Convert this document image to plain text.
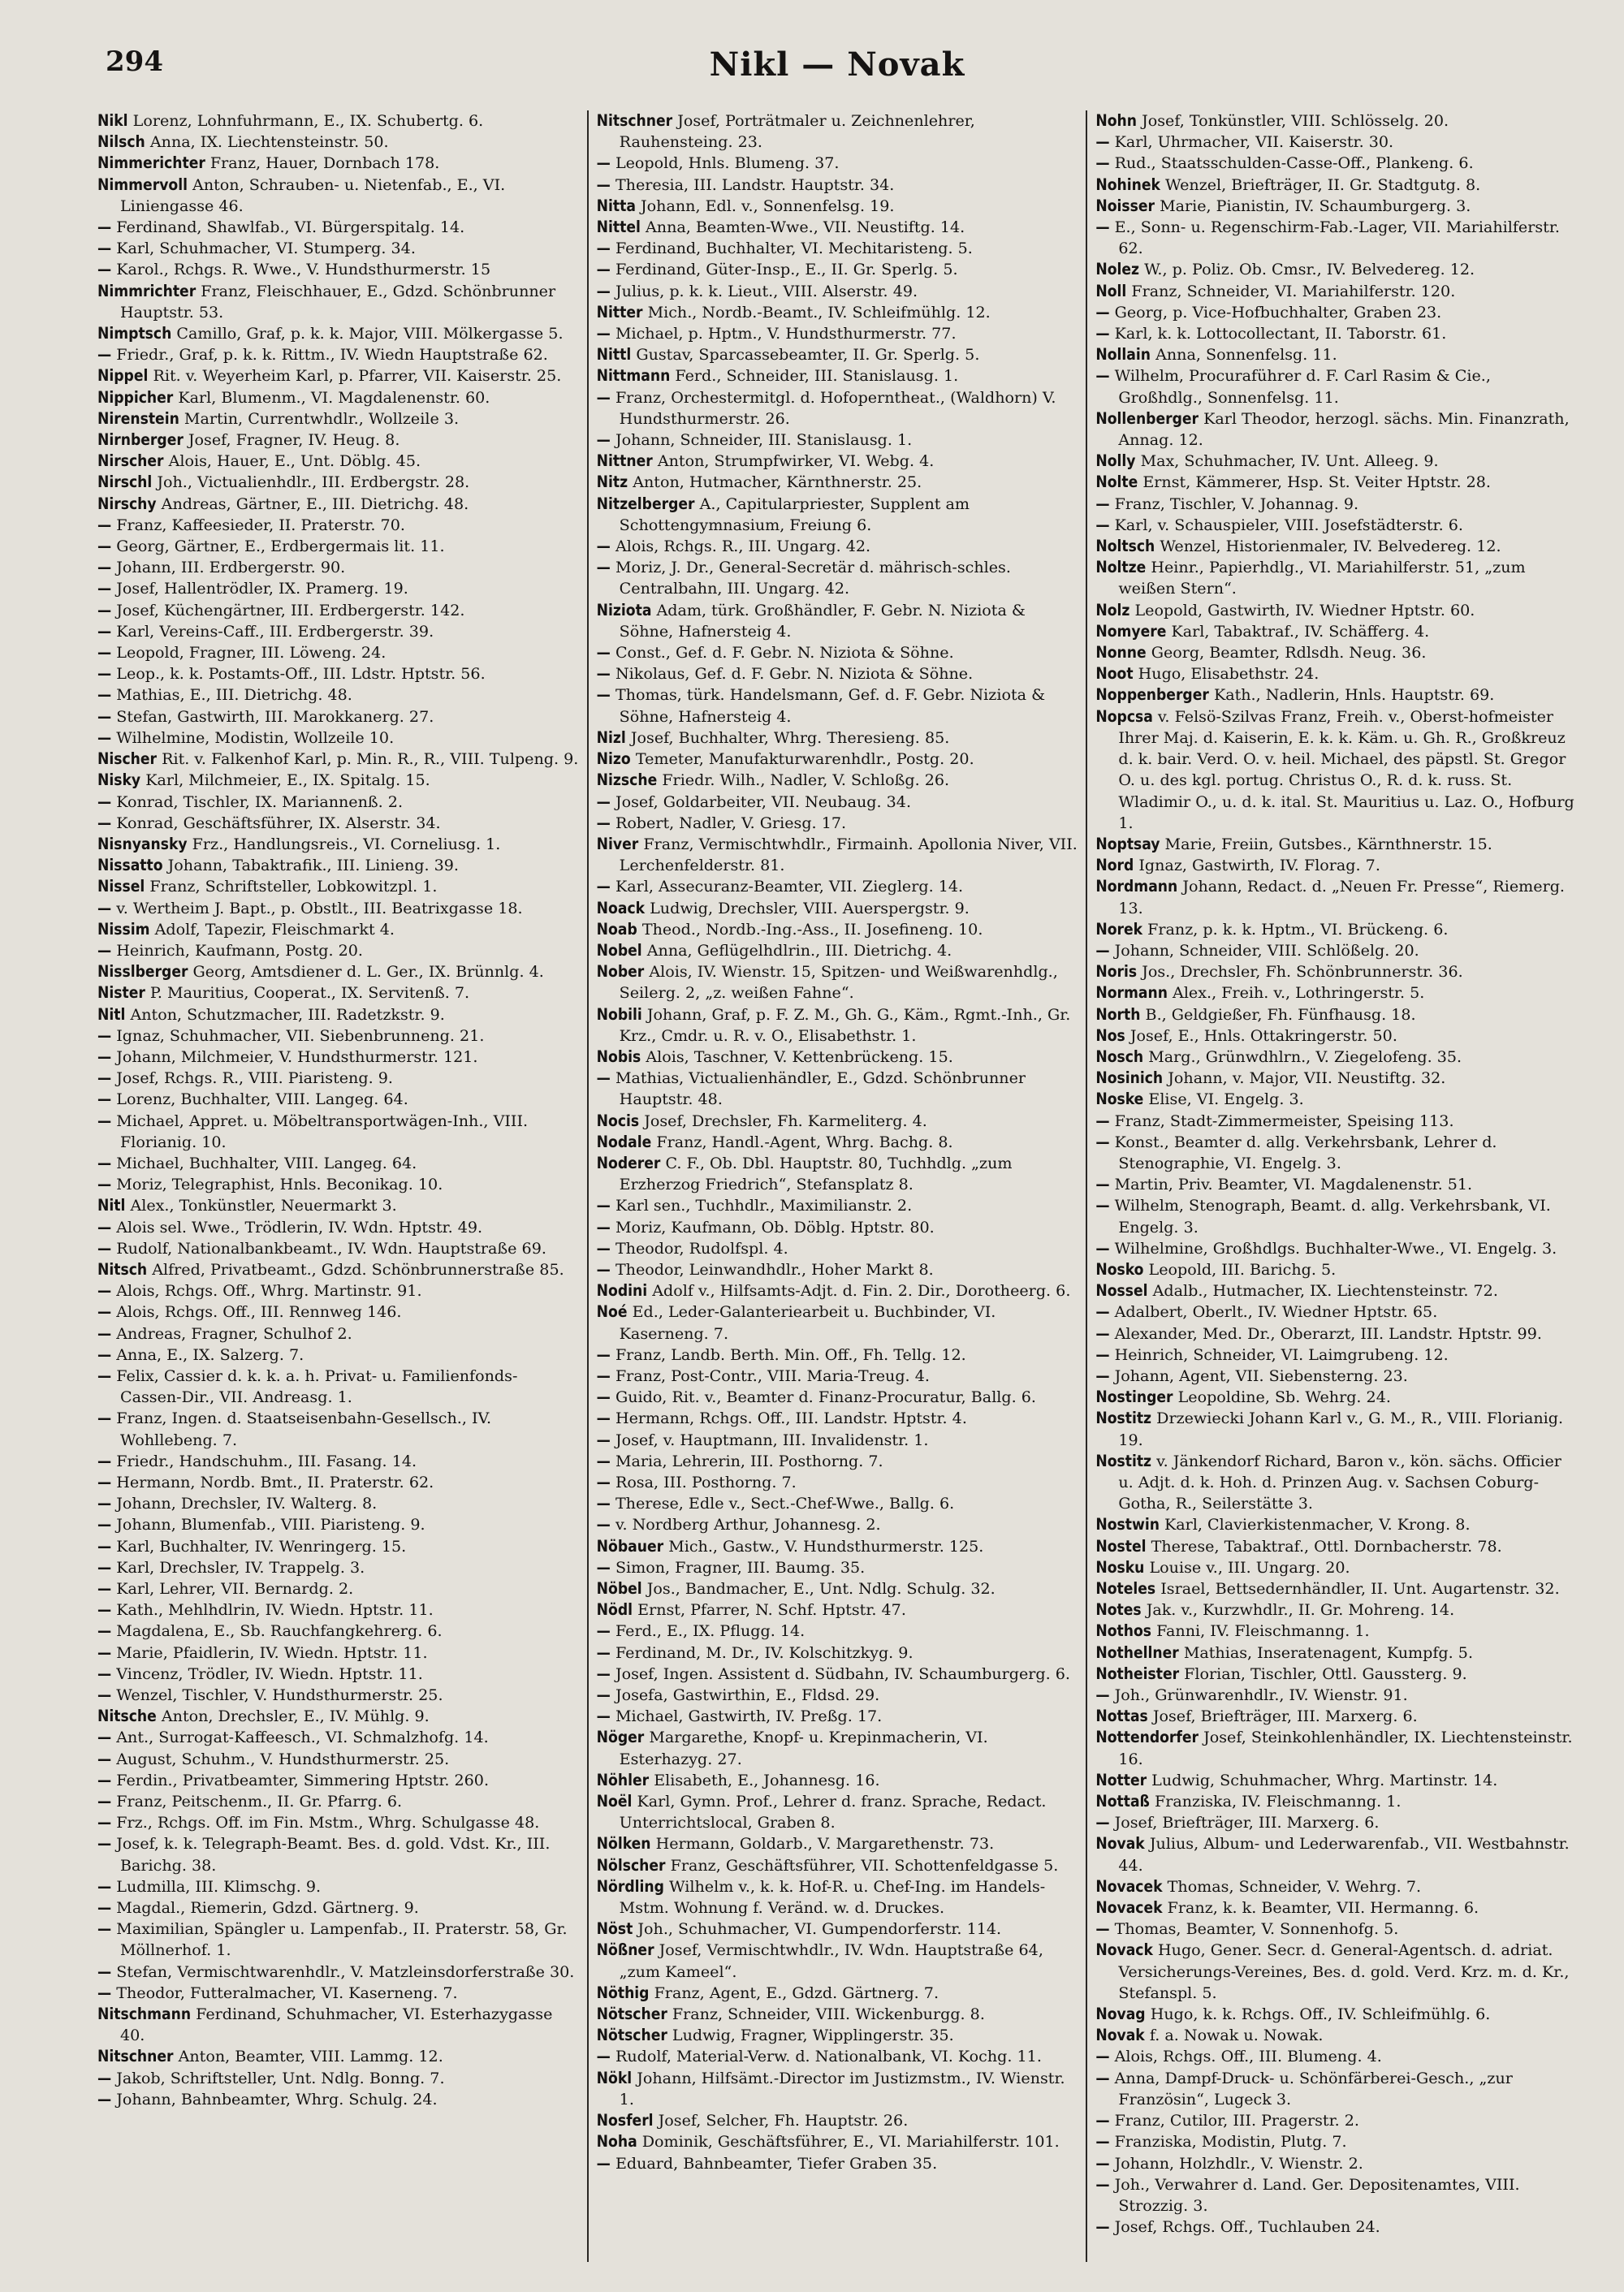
294	Nikl — Novak

Nikl Lorenz, Lohnfuhrmann, E., IX. Schubertg. 6.

Nilsch Anna, IX. Liechtensteinstr. 50.

Nimmerichter Franz, Hauer, Dornbach 178.

Nimmervoll Anton, Schrauben- u. Nietenfab., E., VI. Liniengasse 46.

— Ferdinand, Shawlfab., VI. Bürgerspitalg. 14.

— Karl, Schuhmacher, VI. Stumperg. 34.

— Karol., Rchgs. R. Wwe., V. Hundsthurmerstr. 15

Nimmrichter Franz, Fleischhauer, E., Gdzd. Schönbrunner Hauptstr. 53.

Nimptsch Camillo, Graf, p. k. k. Major, VIII. Mölkergasse 5.

— Friedr., Graf, p. k. k. Rittm., IV. Wiedn Hauptstraße 62.

Nippel Rit. v. Weyerheim Karl, p. Pfarrer, VII. Kaiserstr. 25.

Nippicher Karl, Blumenm., VI. Magdalenenstr. 60.

Nirenstein Martin, Currentwhdlr., Wollzeile 3.

Nirnberger Josef, Fragner, IV. Heug. 8.

Nirscher Alois, Hauer, E., Unt. Döblg. 45.

Nirschl Joh., Victualienhdlr., III. Erdbergstr. 28.

Nirschy Andreas, Gärtner, E., III. Dietrichg. 48.

— Franz, Kaffeesieder, II. Praterstr. 70.

— Georg, Gärtner, E., Erdbergermais lit. 11.

— Johann, III. Erdbergerstr. 90.

— Josef, Hallentrödler, IX. Pramerg. 19.

— Josef, Küchengärtner, III. Erdbergerstr. 142.

— Karl, Vereins-Caff., III. Erdbergerstr. 39.

— Leopold, Fragner, III. Löweng. 24.

— Leop., k. k. Postamts-Off., III. Ldstr. Hptstr. 56.

— Mathias, E., III. Dietrichg. 48.

— Stefan, Gastwirth, III. Marokkanerg. 27.

— Wilhelmine, Modistin, Wollzeile 10.

Nischer Rit. v. Falkenhof Karl, p. Min. R., R., VIII. Tulpeng. 9.

Nisky Karl, Milchmeier, E., IX. Spitalg. 15.

— Konrad, Tischler, IX. Mariannenß. 2.

— Konrad, Geschäftsführer, IX. Alserstr. 34.

Nisnyansky Frz., Handlungsreis., VI. Corneliusg. 1.

Nissatto Johann, Tabaktrafik., III. Linieng. 39.

Nissel Franz, Schriftsteller, Lobkowitzpl. 1.

— v. Wertheim J. Bapt., p. Obstlt., III. Beatrixgasse 18.

Nissim Adolf, Tapezir, Fleischmarkt 4.

— Heinrich, Kaufmann, Postg. 20.

Nisslberger Georg, Amtsdiener d. L. Ger., IX. Brünnlg. 4.

Nister P. Mauritius, Cooperat., IX. Servitenß. 7.

Nitl Anton, Schutzmacher, III. Radetzkstr. 9.

— Ignaz, Schuhmacher, VII. Siebenbrunneng. 21.

— Johann, Milchmeier, V. Hundsthurmerstr. 121.

— Josef, Rchgs. R., VIII. Piaristeng. 9.

— Lorenz, Buchhalter, VIII. Langeg. 64.

— Michael, Appret. u. Möbeltransportwägen-Inh., VIII. Florianig. 10.

— Michael, Buchhalter, VIII. Langeg. 64.

— Moriz, Telegraphist, Hnls. Beconikag. 10.

Nitl Alex., Tonkünstler, Neuermarkt 3.

— Alois sel. Wwe., Trödlerin, IV. Wdn. Hptstr. 49.

— Rudolf, Nationalbankbeamt., IV. Wdn. Hauptstraße 69.

Nitsch Alfred, Privatbeamt., Gdzd. Schönbrunnerstraße 85.

— Alois, Rchgs. Off., Whrg. Martinstr. 91.

— Alois, Rchgs. Off., III. Rennweg 146.

— Andreas, Fragner, Schulhof 2.

— Anna, E., IX. Salzerg. 7.

— Felix, Cassier d. k. k. a. h. Privat- u. Familienfonds-Cassen-Dir., VII. Andreasg. 1.

— Franz, Ingen. d. Staatseisenbahn-Gesellsch., IV. Wohllebeng. 7.

— Friedr., Handschuhm., III. Fasang. 14.

— Hermann, Nordb. Bmt., II. Praterstr. 62.

— Johann, Drechsler, IV. Walterg. 8.

— Johann, Blumenfab., VIII. Piaristeng. 9.

— Karl, Buchhalter, IV. Wenringerg. 15.

— Karl, Drechsler, IV. Trappelg. 3.

— Karl, Lehrer, VII. Bernardg. 2.

— Kath., Mehlhdlrin, IV. Wiedn. Hptstr. 11.

— Magdalena, E., Sb. Rauchfangkehrerg. 6.

— Marie, Pfaidlerin, IV. Wiedn. Hptstr. 11.

— Vincenz, Trödler, IV. Wiedn. Hptstr. 11.

— Wenzel, Tischler, V. Hundsthurmerstr. 25.

Nitsche Anton, Drechsler, E., IV. Mühlg. 9.

— Ant., Surrogat-Kaffeesch., VI. Schmalzhofg. 14.

— August, Schuhm., V. Hundsthurmerstr. 25.

— Ferdin., Privatbeamter, Simmering Hptstr. 260.

— Franz, Peitschenm., II. Gr. Pfarrg. 6.

— Frz., Rchgs. Off. im Fin. Mstm., Whrg. Schulgasse 48.

— Josef, k. k. Telegraph-Beamt. Bes. d. gold. Vdst. Kr., III. Barichg. 38.

— Ludmilla, III. Klimschg. 9.

— Magdal., Riemerin, Gdzd. Gärtnerg. 9.

— Maximilian, Spängler u. Lampenfab., II. Praterstr. 58, Gr. Möllnerhof. 1.

— Stefan, Vermischtwarenhdlr., V. Matzleinsdorferstraße 30.

— Theodor, Futteralmacher, VI. Kaserneng. 7.

Nitschmann Ferdinand, Schuhmacher, VI. Esterhazygasse 40.

Nitschner Anton, Beamter, VIII. Lammg. 12.

— Jakob, Schriftsteller, Unt. Ndlg. Bonng. 7.

— Johann, Bahnbeamter, Whrg. Schulg. 24.

Nitschner Josef, Porträtmaler u. Zeichnenlehrer, Rauhensteing. 23.

— Leopold, Hnls. Blumeng. 37.

— Theresia, III. Landstr. Hauptstr. 34.

Nitta Johann, Edl. v., Sonnenfelsg. 19.

Nittel Anna, Beamten-Wwe., VII. Neustiftg. 14.

— Ferdinand, Buchhalter, VI. Mechitaristeng. 5.

— Ferdinand, Güter-Insp., E., II. Gr. Sperlg. 5.

— Julius, p. k. k. Lieut., VIII. Alserstr. 49.

Nitter Mich., Nordb.-Beamt., IV. Schleifmühlg. 12.

— Michael, p. Hptm., V. Hundsthurmerstr. 77.

Nittl Gustav, Sparcassebeamter, II. Gr. Sperlg. 5.

Nittmann Ferd., Schneider, III. Stanislausg. 1.

— Franz, Orchestermitgl. d. Hofoperntheat., (Waldhorn) V. Hundsthurmerstr. 26.

— Johann, Schneider, III. Stanislausg. 1.

Nittner Anton, Strumpfwirker, VI. Webg. 4.

Nitz Anton, Hutmacher, Kärnthnerstr. 25.

Nitzelberger A., Capitularpriester, Supplent am Schottengymnasium, Freiung 6.

— Alois, Rchgs. R., III. Ungarg. 42.

— Moriz, J. Dr., General-Secretär d. mährisch-schles. Centralbahn, III. Ungarg. 42.

Niziota Adam, türk. Großhändler, F. Gebr. N. Niziota & Söhne, Hafnersteig 4.

— Const., Gef. d. F. Gebr. N. Niziota & Söhne.

— Nikolaus, Gef. d. F. Gebr. N. Niziota & Söhne.

— Thomas, türk. Handelsmann, Gef. d. F. Gebr. Niziota & Söhne, Hafnersteig 4.

Nizl Josef, Buchhalter, Whrg. Theresieng. 85.

Nizo Temeter, Manufakturwarenhdlr., Postg. 20.

Nizsche Friedr. Wilh., Nadler, V. Schloßg. 26.

— Josef, Goldarbeiter, VII. Neubaug. 34.

— Robert, Nadler, V. Griesg. 17.

Niver Franz, Vermischtwhdlr., Firmainh. Apollonia Niver, VII. Lerchenfelderstr. 81.

— Karl, Assecuranz-Beamter, VII. Zieglerg. 14.

Noack Ludwig, Drechsler, VIII. Auerspergstr. 9.

Noab Theod., Nordb.-Ing.-Ass., II. Josefineng. 10.

Nobel Anna, Geflügelhdlrin., III. Dietrichg. 4.

Nober Alois, IV. Wienstr. 15, Spitzen- und Weißwarenhdlg., Seilerg. 2, „z. weißen Fahne“.

Nobili Johann, Graf, p. F. Z. M., Gh. G., Käm., Rgmt.-Inh., Gr. Krz., Cmdr. u. R. v. O., Elisabethstr. 1.

Nobis Alois, Taschner, V. Kettenbrückeng. 15.

— Mathias, Victualienhändler, E., Gdzd. Schönbrunner Hauptstr. 48.

Nocis Josef, Drechsler, Fh. Karmeliterg. 4.

Nodale Franz, Handl.-Agent, Whrg. Bachg. 8.

Noderer C. F., Ob. Dbl. Hauptstr. 80, Tuchhdlg. „zum Erzherzog Friedrich“, Stefansplatz 8.

— Karl sen., Tuchhdlr., Maximilianstr. 2.

— Moriz, Kaufmann, Ob. Döblg. Hptstr. 80.

— Theodor, Rudolfspl. 4.

— Theodor, Leinwandhdlr., Hoher Markt 8.

Nodini Adolf v., Hilfsamts-Adjt. d. Fin. 2. Dir., Dorotheerg. 6.

Noé Ed., Leder-Galanteriearbeit u. Buchbinder, VI. Kaserneng. 7.

— Franz, Landb. Berth. Min. Off., Fh. Tellg. 12.

— Franz, Post-Contr., VIII. Maria-Treug. 4.

— Guido, Rit. v., Beamter d. Finanz-Procuratur, Ballg. 6.

— Hermann, Rchgs. Off., III. Landstr. Hptstr. 4.

— Josef, v. Hauptmann, III. Invalidenstr. 1.

— Maria, Lehrerin, III. Posthorng. 7.

— Rosa, III. Posthorng. 7.

— Therese, Edle v., Sect.-Chef-Wwe., Ballg. 6.

— v. Nordberg Arthur, Johannesg. 2.

Nöbauer Mich., Gastw., V. Hundsthurmerstr. 125.

— Simon, Fragner, III. Baumg. 35.

Nöbel Jos., Bandmacher, E., Unt. Ndlg. Schulg. 32.

Nödl Ernst, Pfarrer, N. Schf. Hptstr. 47.

— Ferd., E., IX. Pflugg. 14.

— Ferdinand, M. Dr., IV. Kolschitzkyg. 9.

— Josef, Ingen. Assistent d. Südbahn, IV. Schaumburgerg. 6.

— Josefa, Gastwirthin, E., Fldsd. 29.

— Michael, Gastwirth, IV. Preßg. 17.

Nöger Margarethe, Knopf- u. Krepinmacherin, VI. Esterhazyg. 27.

Nöhler Elisabeth, E., Johannesg. 16.

Noël Karl, Gymn. Prof., Lehrer d. franz. Sprache, Redact. Unterrichtslocal, Graben 8.

Nölken Hermann, Goldarb., V. Margarethenstr. 73.

Nölscher Franz, Geschäftsführer, VII. Schottenfeldgasse 5.

Nördling Wilhelm v., k. k. Hof-R. u. Chef-Ing. im Handels-Mstm. Wohnung f. Veränd. w. d. Druckes.

Nöst Joh., Schuhmacher, VI. Gumpendorferstr. 114.

Nößner Josef, Vermischtwhdlr., IV. Wdn. Hauptstraße 64, „zum Kameel“.

Nöthig Franz, Agent, E., Gdzd. Gärtnerg. 7.

Nötscher Franz, Schneider, VIII. Wickenburgg. 8.

Nötscher Ludwig, Fragner, Wipplingerstr. 35.

— Rudolf, Material-Verw. d. Nationalbank, VI. Kochg. 11.

Nökl Johann, Hilfsämt.-Director im Justizmstm., IV. Wienstr. 1.

Nosferl Josef, Selcher, Fh. Hauptstr. 26.

Noha Dominik, Geschäftsführer, E., VI. Mariahilferstr. 101.

— Eduard, Bahnbeamter, Tiefer Graben 35.

Nohn Josef, Tonkünstler, VIII. Schlösselg. 20.

— Karl, Uhrmacher, VII. Kaiserstr. 30.

— Rud., Staatsschulden-Casse-Off., Plankeng. 6.

Nohinek Wenzel, Briefträger, II. Gr. Stadtgutg. 8.

Noisser Marie, Pianistin, IV. Schaumburgerg. 3.

— E., Sonn- u. Regenschirm-Fab.-Lager, VII. Mariahilferstr. 62.

Nolez W., p. Poliz. Ob. Cmsr., IV. Belvedereg. 12.

Noll Franz, Schneider, VI. Mariahilferstr. 120.

— Georg, p. Vice-Hofbuchhalter, Graben 23.

— Karl, k. k. Lottocollectant, II. Taborstr. 61.

Nollain Anna, Sonnenfelsg. 11.

— Wilhelm, Procuraführer d. F. Carl Rasim & Cie., Großhdlg., Sonnenfelsg. 11.

Nollenberger Karl Theodor, herzogl. sächs. Min. Finanzrath, Annag. 12.

Nolly Max, Schuhmacher, IV. Unt. Alleeg. 9.

Nolte Ernst, Kämmerer, Hsp. St. Veiter Hptstr. 28.

— Franz, Tischler, V. Johannag. 9.

— Karl, v. Schauspieler, VIII. Josefstädterstr. 6.

Noltsch Wenzel, Historienmaler, IV. Belvedereg. 12.

Noltze Heinr., Papierhdlg., VI. Mariahilferstr. 51, „zum weißen Stern“.

Nolz Leopold, Gastwirth, IV. Wiedner Hptstr. 60.

Nomyere Karl, Tabaktraf., IV. Schäfferg. 4.

Nonne Georg, Beamter, Rdlsdh. Neug. 36.

Noot Hugo, Elisabethstr. 24.

Noppenberger Kath., Nadlerin, Hnls. Hauptstr. 69.

Nopcsa v. Felsö-Szilvas Franz, Freih. v., Oberst-hofmeister Ihrer Maj. d. Kaiserin, E. k. k. Käm. u. Gh. R., Großkreuz d. k. bair. Verd. O. v. heil. Michael, des päpstl. St. Gregor O. u. des kgl. portug. Christus O., R. d. k. russ. St. Wladimir O., u. d. k. ital. St. Mauritius u. Laz. O., Hofburg 1.

Noptsay Marie, Freiin, Gutsbes., Kärnthnerstr. 15.

Nord Ignaz, Gastwirth, IV. Florag. 7.

Nordmann Johann, Redact. d. „Neuen Fr. Presse“, Riemerg. 13.

Norek Franz, p. k. k. Hptm., VI. Brückeng. 6.

— Johann, Schneider, VIII. Schlößelg. 20.

Noris Jos., Drechsler, Fh. Schönbrunnerstr. 36.

Normann Alex., Freih. v., Lothringerstr. 5.

North B., Geldgießer, Fh. Fünfhausg. 18.

Nos Josef, E., Hnls. Ottakringerstr. 50.

Nosch Marg., Grünwdhlrn., V. Ziegelofeng. 35.

Nosinich Johann, v. Major, VII. Neustiftg. 32.

Noske Elise, VI. Engelg. 3.

— Franz, Stadt-Zimmermeister, Speising 113.

— Konst., Beamter d. allg. Verkehrsbank, Lehrer d. Stenographie, VI. Engelg. 3.

— Martin, Priv. Beamter, VI. Magdalenenstr. 51.

— Wilhelm, Stenograph, Beamt. d. allg. Verkehrsbank, VI. Engelg. 3.

— Wilhelmine, Großhdlgs. Buchhalter-Wwe., VI. Engelg. 3.

Nosko Leopold, III. Barichg. 5.

Nossel Adalb., Hutmacher, IX. Liechtensteinstr. 72.

— Adalbert, Oberlt., IV. Wiedner Hptstr. 65.

— Alexander, Med. Dr., Oberarzt, III. Landstr. Hptstr. 99.

— Heinrich, Schneider, VI. Laimgrubeng. 12.

— Johann, Agent, VII. Siebensterng. 23.

Nostinger Leopoldine, Sb. Wehrg. 24.

Nostitz Drzewiecki Johann Karl v., G. M., R., VIII. Florianig. 19.

Nostitz v. Jänkendorf Richard, Baron v., kön. sächs. Officier u. Adjt. d. k. Hoh. d. Prinzen Aug. v. Sachsen Coburg-Gotha, R., Seilerstätte 3.

Nostwin Karl, Clavierkistenmacher, V. Krong. 8.

Nostel Therese, Tabaktraf., Ottl. Dornbacherstr. 78.

Nosku Louise v., III. Ungarg. 20.

Noteles Israel, Bettsedernhändler, II. Unt. Augartenstr. 32.

Notes Jak. v., Kurzwhdlr., II. Gr. Mohreng. 14.

Nothos Fanni, IV. Fleischmanng. 1.

Nothellner Mathias, Inseratenagent, Kumpfg. 5.

Notheister Florian, Tischler, Ottl. Gaussterg. 9.

— Joh., Grünwarenhdlr., IV. Wienstr. 91.

Nottas Josef, Briefträger, III. Marxerg. 6.

Nottendorfer Josef, Steinkohlenhändler, IX. Liechtensteinstr. 16.

Notter Ludwig, Schuhmacher, Whrg. Martinstr. 14.

Nottaß Franziska, IV. Fleischmanng. 1.

— Josef, Briefträger, III. Marxerg. 6.

Novak Julius, Album- und Lederwarenfab., VII. Westbahnstr. 44.

Novacek Thomas, Schneider, V. Wehrg. 7.

Novacek Franz, k. k. Beamter, VII. Hermanng. 6.

— Thomas, Beamter, V. Sonnenhofg. 5.

Novack Hugo, Gener. Secr. d. General-Agentsch. d. adriat. Versicherungs-Vereines, Bes. d. gold. Verd. Krz. m. d. Kr., Stefanspl. 5.

Novag Hugo, k. k. Rchgs. Off., IV. Schleifmühlg. 6.

Novak f. a. Nowak u. Nowak.

— Alois, Rchgs. Off., III. Blumeng. 4.

— Anna, Dampf-Druck- u. Schönfärberei-Gesch., „zur Französin“, Lugeck 3.

— Franz, Cutilor, III. Pragerstr. 2.

— Franziska, Modistin, Plutg. 7.

— Johann, Holzhdlr., V. Wienstr. 2.

— Joh., Verwahrer d. Land. Ger. Depositenamtes, VIII. Strozzig. 3.

— Josef, Rchgs. Off., Tuchlauben 24.
